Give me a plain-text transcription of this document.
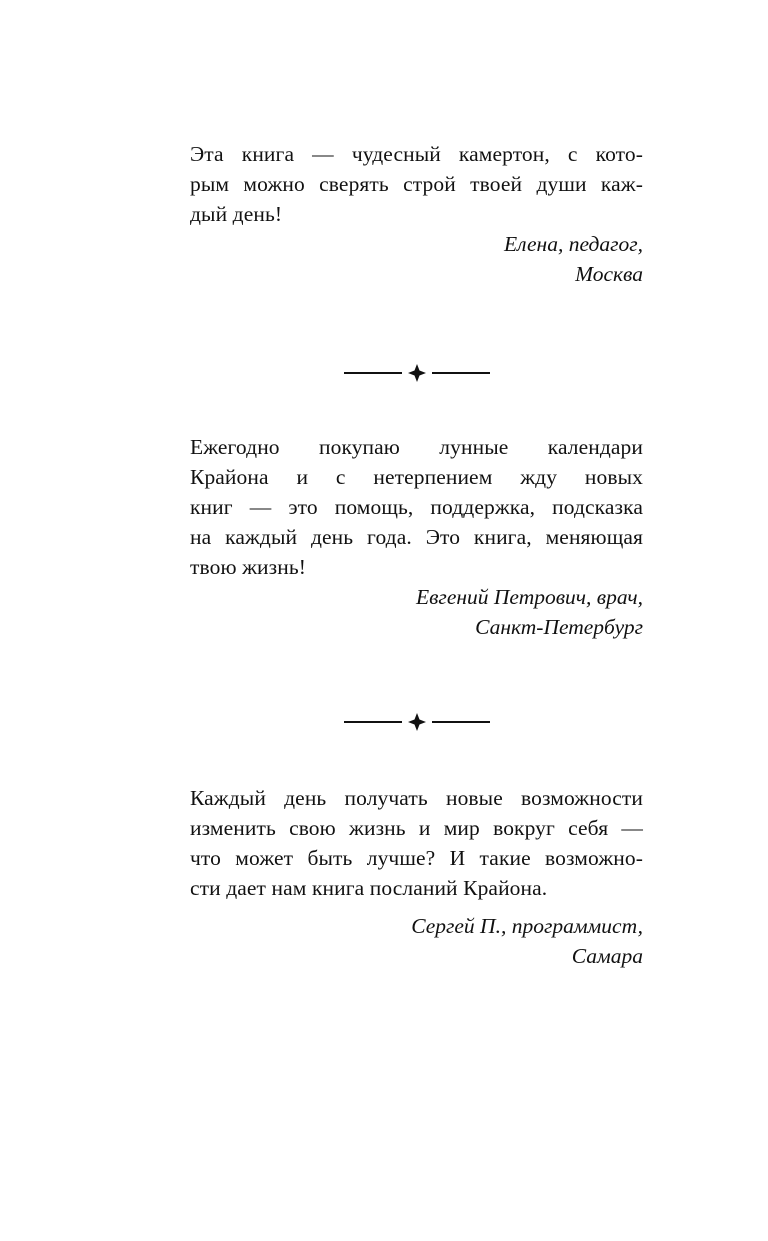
Эта книга — чудесный камертон, с кото-
рым можно сверять строй твоей души каж-
дый день!

Елена, педагог,
Москва

Ежегодно покупаю лунные календари
Крайона и с нетерпением жду новых
книг — это помощь, поддержка, подсказка
на каждый день года. Это книга, меняющая
твою жизнь!

Евгений Петрович, врач,
Санкт-Петербург

Каждый день получать новые возможности
изменить свою жизнь и мир вокруг себя —
что может быть лучше? И такие возможно-
сти дает нам книга посланий Крайона.

Сергей П., программист,
Самара
